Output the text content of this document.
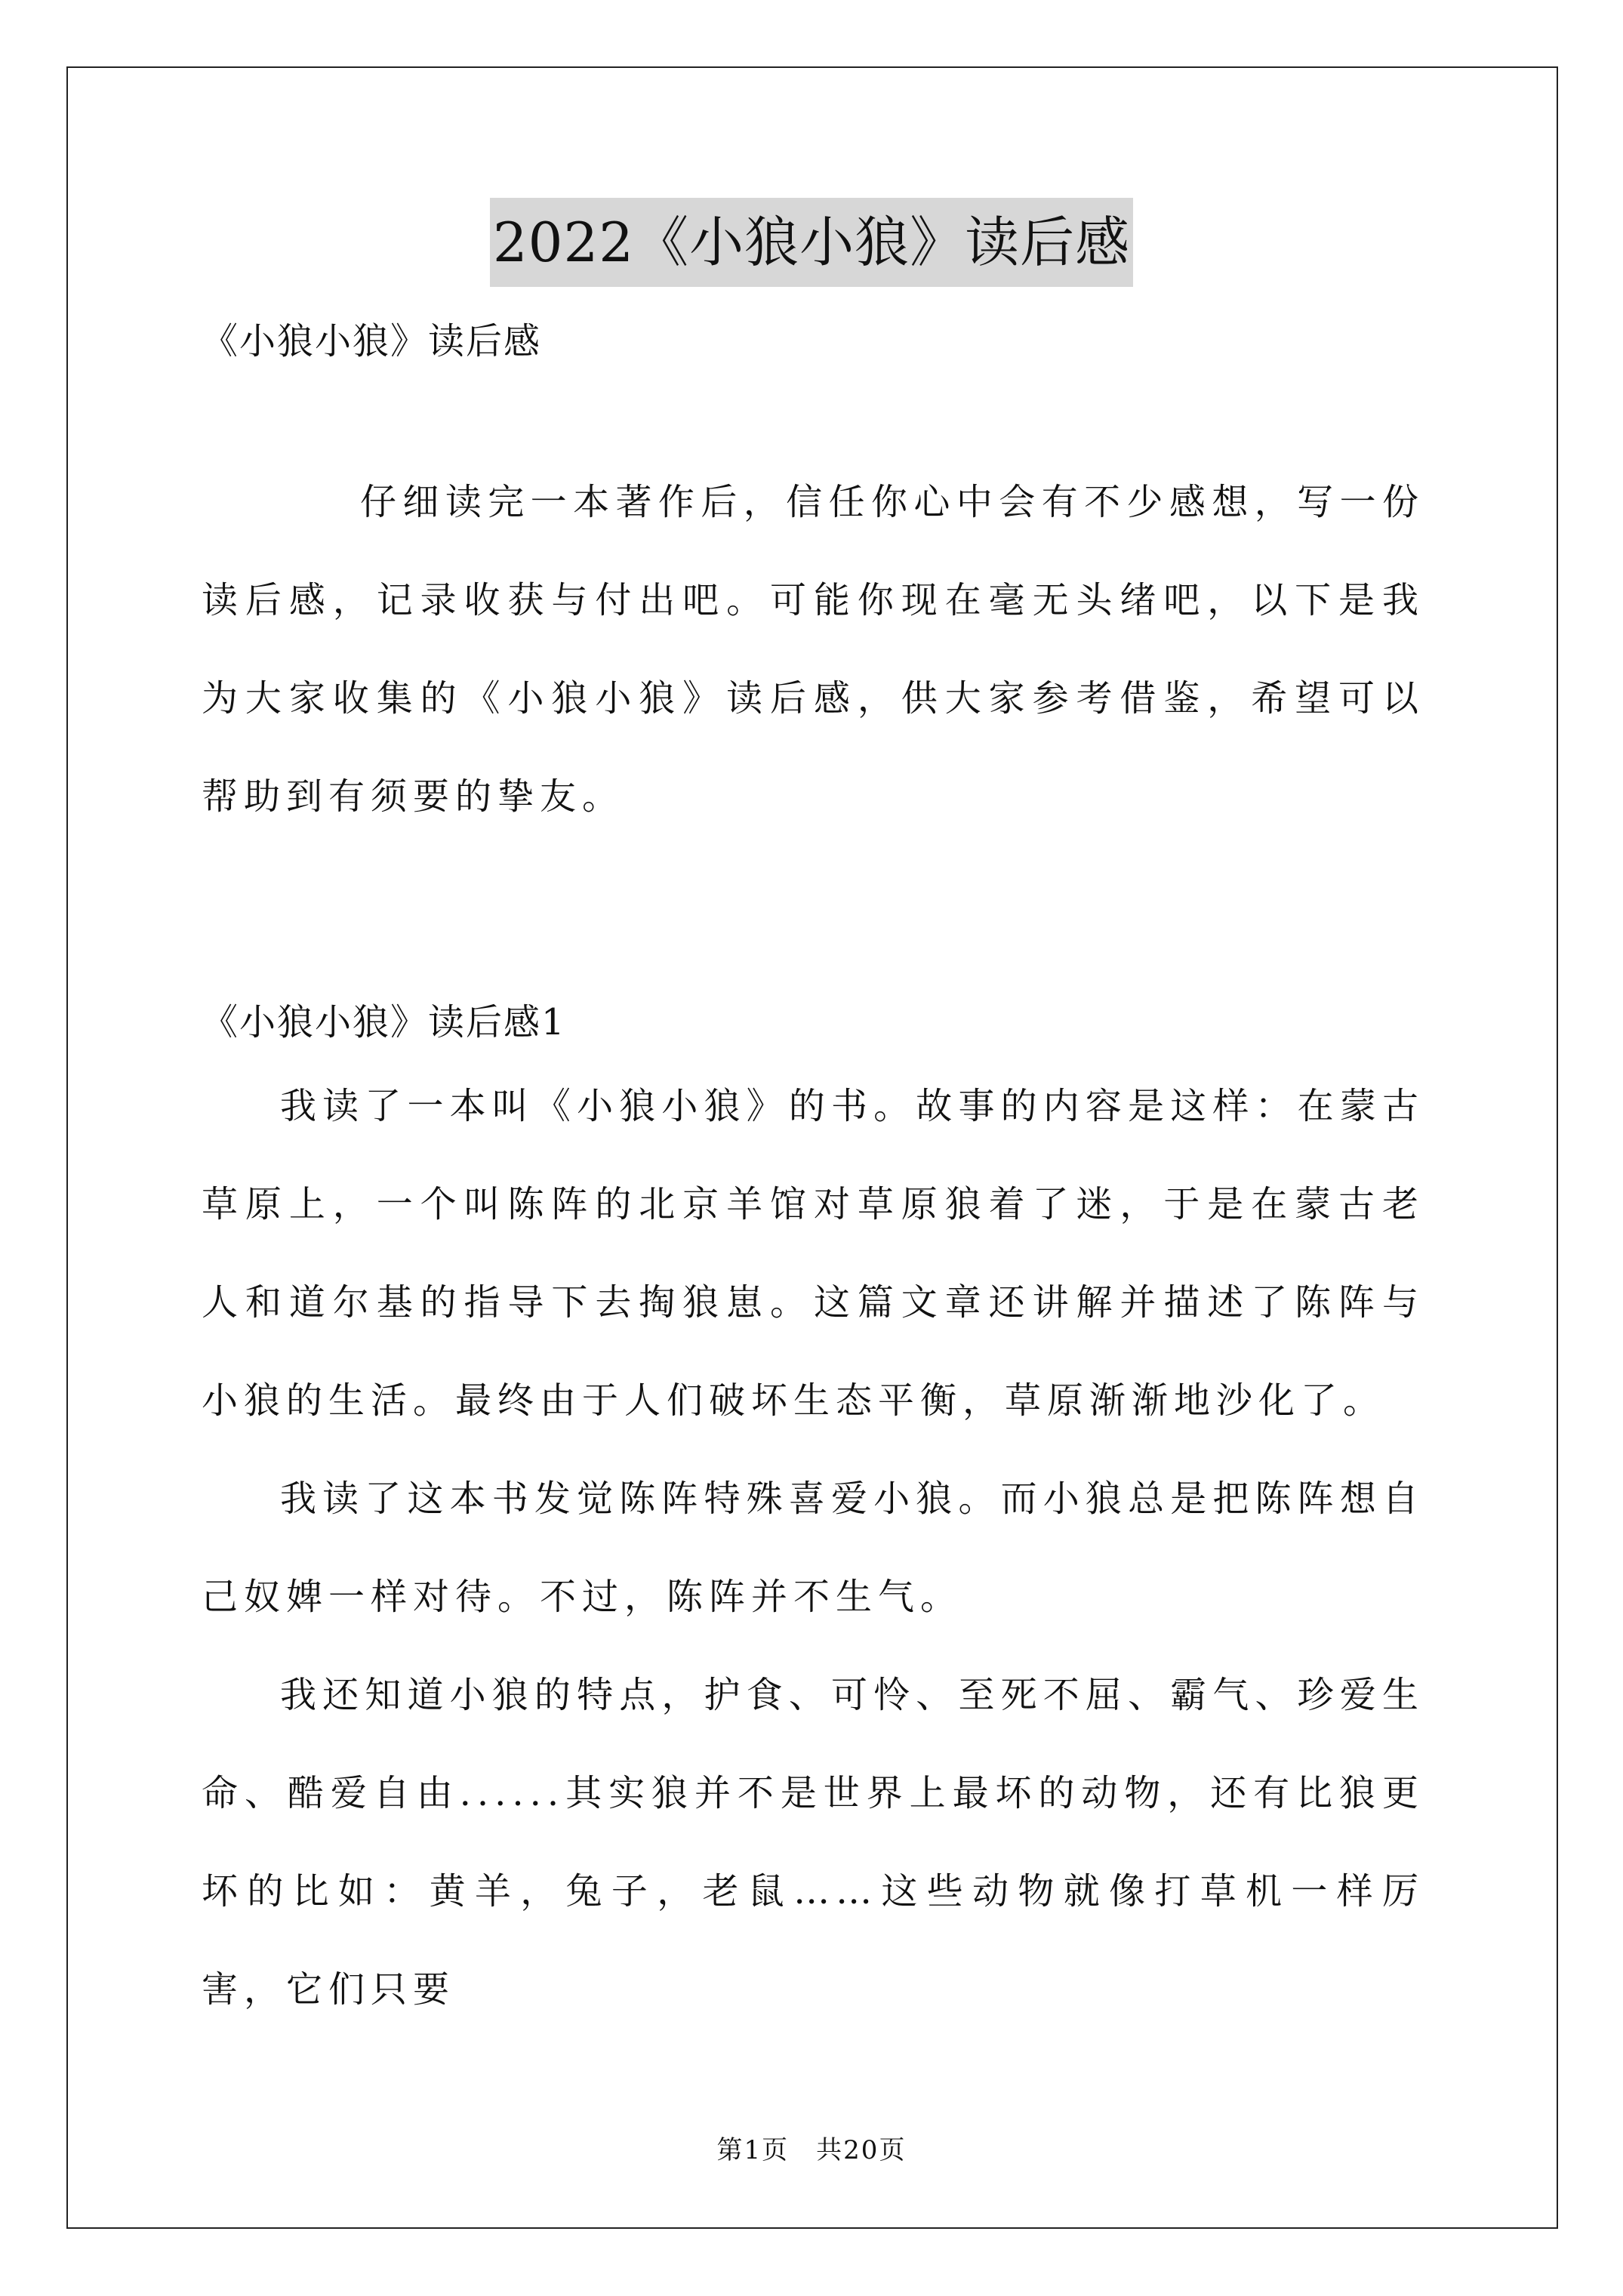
2022《小狼小狼》读后感
《小狼小狼》读后感
仔细读完一本著作后，信任你心中会有不少感想，写一份读后感，记录收获与付出吧。可能你现在毫无头绪吧，以下是我为大家收集的《小狼小狼》读后感，供大家参考借鉴，希望可以帮助到有须要的挚友。
《小狼小狼》读后感1

我读了一本叫《小狼小狼》的书。故事的内容是这样：在蒙古草原上，一个叫陈阵的北京羊馆对草原狼着了迷，于是在蒙古老人和道尔基的指导下去掏狼崽。这篇文章还讲解并描述了陈阵与小狼的生活。最终由于人们破坏生态平衡，草原渐渐地沙化了。

我读了这本书发觉陈阵特殊喜爱小狼。而小狼总是把陈阵想自己奴婢一样对待。不过，陈阵并不生气。

我还知道小狼的特点，护食、可怜、至死不屈、霸气、珍爱生命、酷爱自由......其实狼并不是世界上最坏的动物，还有比狼更坏的比如：黄羊，兔子，老鼠……这些动物就像打草机一样厉害，它们只要

第1页　共20页
